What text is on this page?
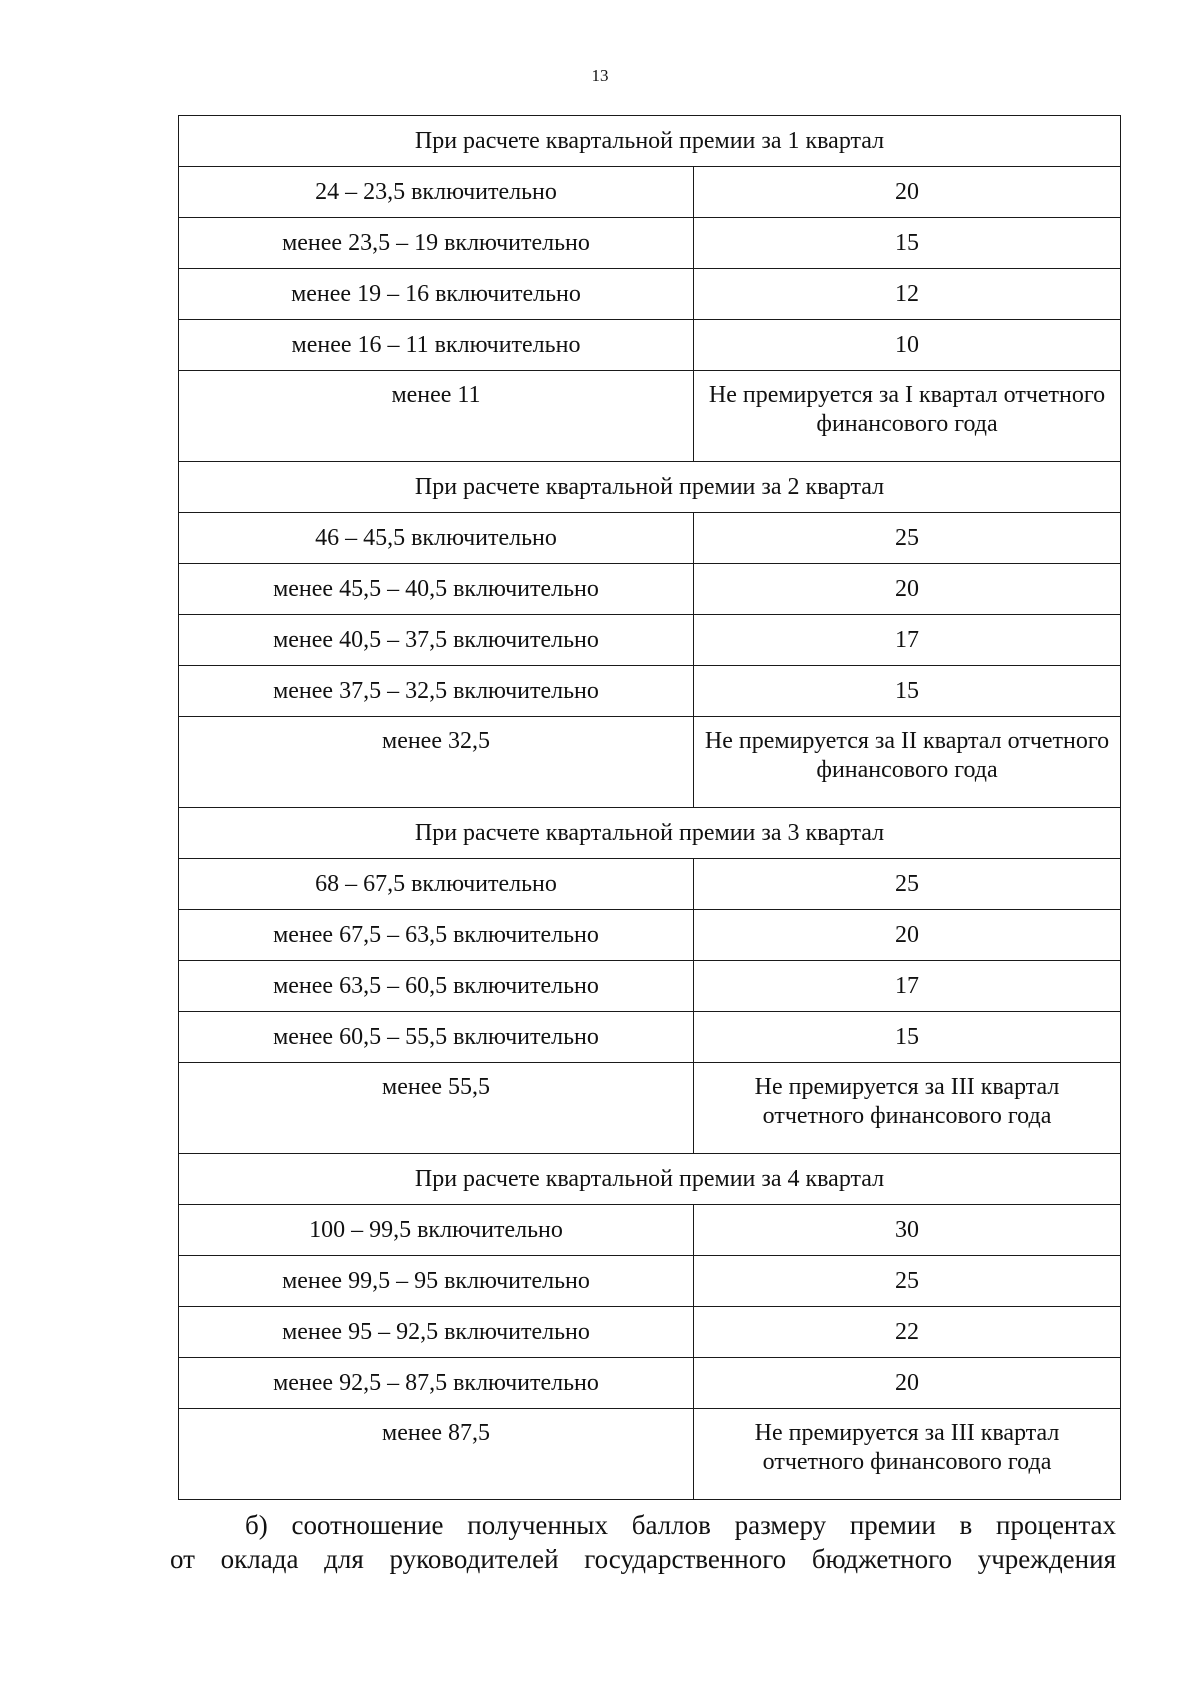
13
При расчете квартальной премии за 1 квартал	
24 – 23,5 включительно	20
менее 23,5 – 19 включительно	15
менее 19 – 16 включительно	12
менее 16 – 11 включительно	10
менее 11	Не премируется за I квартал отчетного финансового года
При расчете квартальной премии за 2 квартал	
46 – 45,5 включительно	25
менее 45,5 – 40,5 включительно	20
менее 40,5 – 37,5 включительно	17
менее 37,5 – 32,5 включительно	15
менее 32,5	Не премируется за II квартал отчетного финансового года
При расчете квартальной премии за 3 квартал	
68 – 67,5 включительно	25
менее 67,5 – 63,5 включительно	20
менее 63,5 – 60,5 включительно	17
менее 60,5 – 55,5 включительно	15
менее 55,5	Не премируется за III квартал отчетного финансового года
При расчете квартальной премии за 4 квартал	
100 – 99,5 включительно	30
менее 99,5 – 95 включительно	25
менее 95 – 92,5 включительно	22
менее 92,5 – 87,5 включительно	20
менее 87,5	Не премируется за III квартал отчетного финансового года
б) соотношение полученных баллов размеру премии в процентах
от оклада для руководителей государственного бюджетного учреждения
